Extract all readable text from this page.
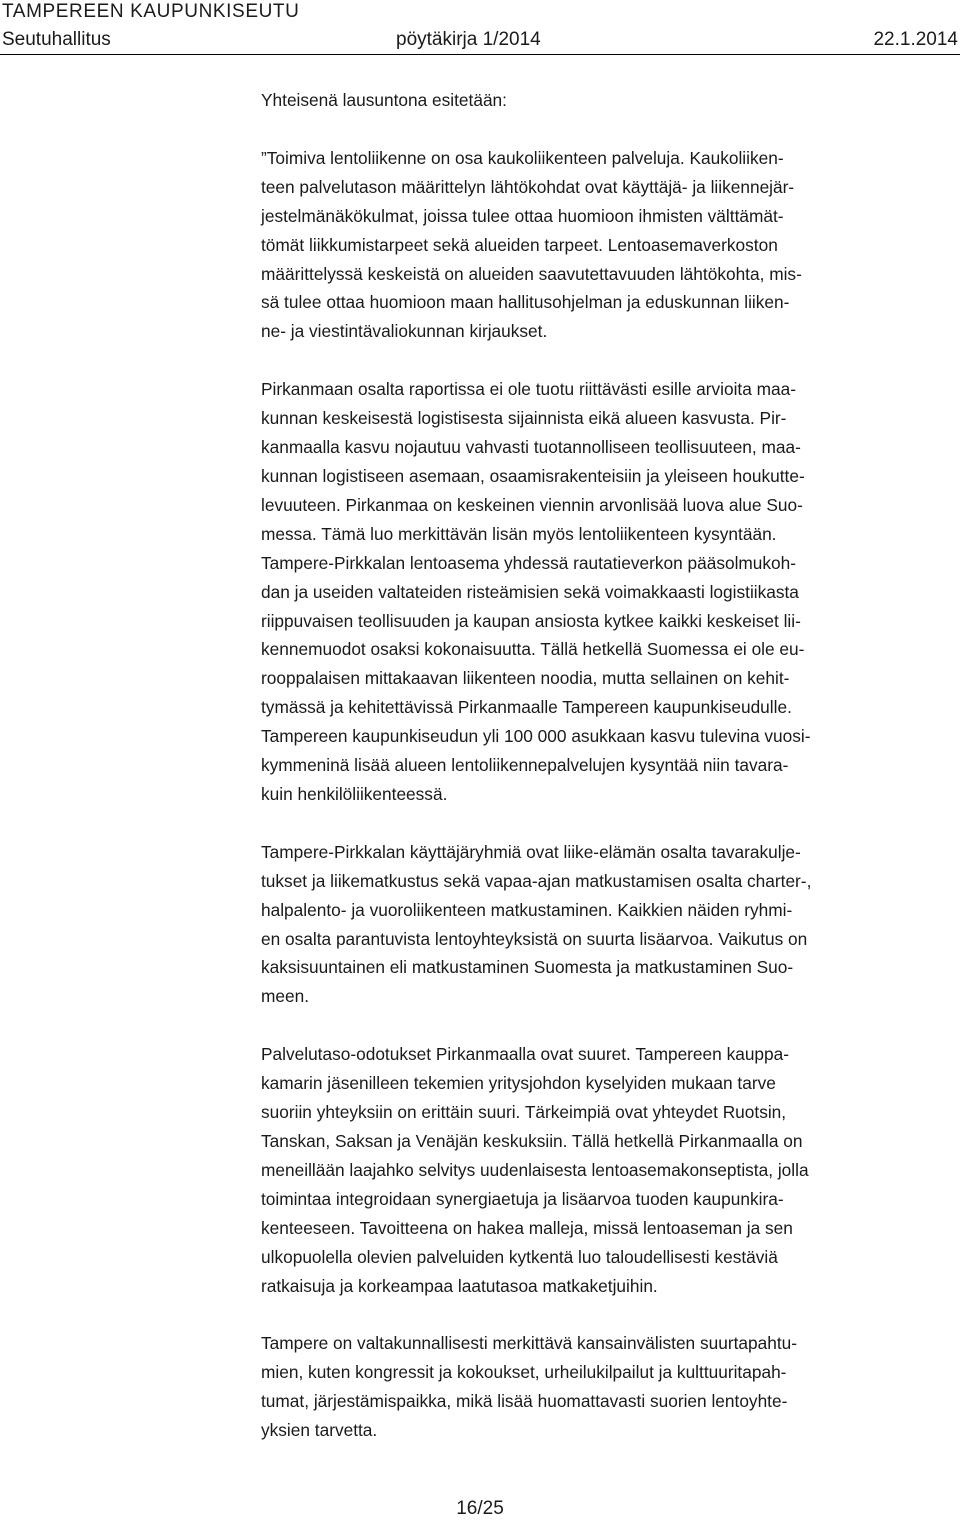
TAMPEREEN KAUPUNKISEUTU
Seutuhallitus	pöytäkirja 1/2014	22.1.2014

Yhteisenä lausuntona esitetään:

”Toimiva lentoliikenne on osa kaukoliikenteen palveluja. Kaukoliiken-
teen palvelutason määrittelyn lähtökohdat ovat käyttäjä- ja liikennejär-
jestelmänäkökulmat, joissa tulee ottaa huomioon ihmisten välttämät-
tömät liikkumistarpeet sekä alueiden tarpeet. Lentoasemaverkoston
määrittelyssä keskeistä on alueiden saavutettavuuden lähtökohta, mis-
sä tulee ottaa huomioon maan hallitusohjelman ja eduskunnan liiken-
ne- ja viestintävaliokunnan kirjaukset.

Pirkanmaan osalta raportissa ei ole tuotu riittävästi esille arvioita maa-
kunnan keskeisestä logistisesta sijainnista eikä alueen kasvusta. Pir-
kanmaalla kasvu nojautuu vahvasti tuotannolliseen teollisuuteen, maa-
kunnan logistiseen asemaan, osaamisrakenteisiin ja yleiseen houkutte-
levuuteen. Pirkanmaa on keskeinen viennin arvonlisää luova alue Suo-
messa. Tämä luo merkittävän lisän myös lentoliikenteen kysyntään.
Tampere-Pirkkalan lentoasema yhdessä rautatieverkon pääsolmukoh-
dan ja useiden valtateiden risteämisien sekä voimakkaasti logistiikasta
riippuvaisen teollisuuden ja kaupan ansiosta kytkee kaikki keskeiset lii-
kennemuodot osaksi kokonaisuutta. Tällä hetkellä Suomessa ei ole eu-
rooppalaisen mittakaavan liikenteen noodia, mutta sellainen on kehit-
tymässä ja kehitettävissä Pirkanmaalle Tampereen kaupunkiseudulle.
Tampereen kaupunkiseudun yli 100 000 asukkaan kasvu tulevina vuosi-
kymmeninä lisää alueen lentoliikennepalvelujen kysyntää niin tavara-
kuin henkilöliikenteessä.

Tampere-Pirkkalan käyttäjäryhmiä ovat liike-elämän osalta tavarakulje-
tukset ja liikematkustus sekä vapaa-ajan matkustamisen osalta charter-,
halpalento- ja vuoroliikenteen matkustaminen. Kaikkien näiden ryhmi-
en osalta parantuvista lentoyhteyksistä on suurta lisäarvoa. Vaikutus on
kaksisuuntainen eli matkustaminen Suomesta ja matkustaminen Suo-
meen.

Palvelutaso-odotukset Pirkanmaalla ovat suuret. Tampereen kauppa-
kamarin jäsenilleen tekemien yritysjohdon kyselyiden mukaan tarve
suoriin yhteyksiin on erittäin suuri. Tärkeimpiä ovat yhteydet Ruotsin,
Tanskan, Saksan ja Venäjän keskuksiin. Tällä hetkellä Pirkanmaalla on
meneillään laajahko selvitys uudenlaisesta lentoasemakonseptista, jolla
toimintaa integroidaan synergiaetuja ja lisäarvoa tuoden kaupunkira-
kenteeseen. Tavoitteena on hakea malleja, missä lentoaseman ja sen
ulkopuolella olevien palveluiden kytkentä luo taloudellisesti kestäviä
ratkaisuja ja korkeampaa laatutasoa matkaketjuihin.

Tampere on valtakunnallisesti merkittävä kansainvälisten suurtapahtu-
mien, kuten kongressit ja kokoukset, urheilukilpailut ja kulttuuritapah-
tumat, järjestämispaikka, mikä lisää huomattavasti suorien lentoyhte-
yksien tarvetta.

16/25
